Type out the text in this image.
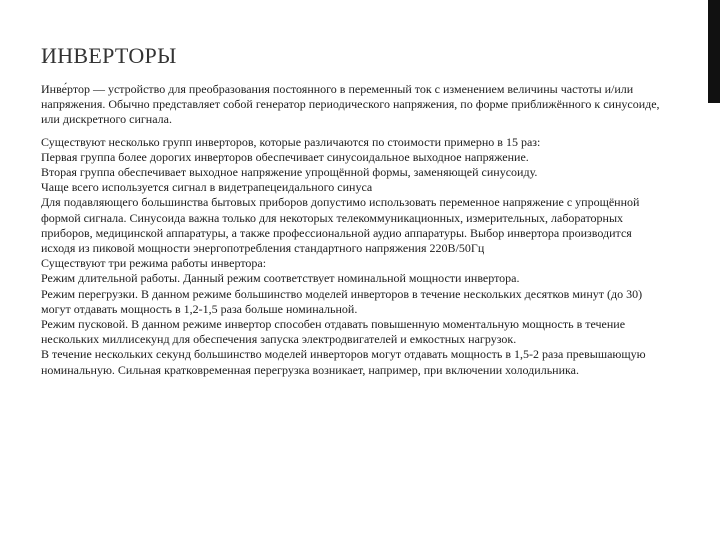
ИНВЕРТОРЫ

Инве́ртор — устройство для преобразования постоянного в переменный ток с изменением величины частоты и/или напряжения. Обычно представляет собой генератор периодического напряжения, по форме приближённого к синусоиде, или дискретного сигнала.

Существуют несколько групп инверторов, которые различаются по стоимости примерно в 15 раз:

Первая группа более дорогих инверторов обеспечивает синусоидальное выходное напряжение.

Вторая группа обеспечивает выходное напряжение упрощённой формы, заменяющей синусоиду.

Чаще всего используется сигнал в видетрапецеидального синуса

Для подавляющего большинства бытовых приборов допустимо использовать переменное напряжение с упрощённой формой сигнала. Синусоида важна только для некоторых телекоммуникационных, измерительных, лабораторных приборов, медицинской аппаратуры, а также профессиональной аудио аппаратуры. Выбор инвертора производится исходя из пиковой мощности энергопотребления стандартного напряжения 220В/50Гц

Существуют три режима работы инвертора:

Режим длительной работы. Данный режим соответствует номинальной мощности инвертора.

Режим перегрузки. В данном режиме большинство моделей инверторов в течение нескольких десятков минут (до 30) могут отдавать мощность в 1,2-1,5 раза больше номинальной.

Режим пусковой. В данном режиме инвертор способен отдавать повышенную моментальную мощность в течение нескольких миллисекунд для обеспечения запуска электродвигателей и емкостных нагрузок.

В течение нескольких секунд большинство моделей инверторов могут отдавать мощность в 1,5-2 раза превышающую номинальную. Сильная кратковременная перегрузка возникает, например, при включении холодильника.
